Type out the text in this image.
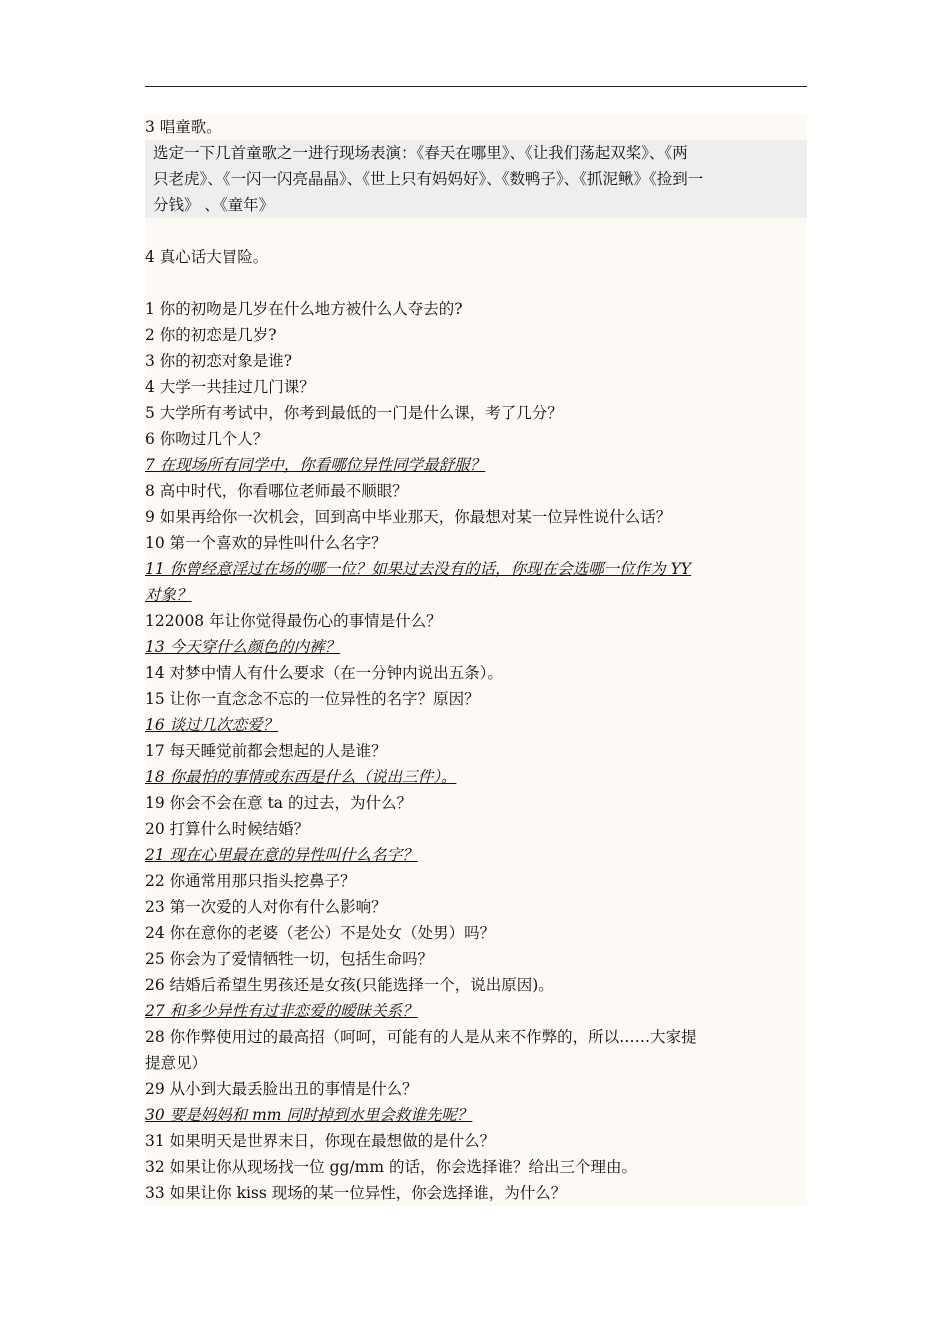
3 唱童歌。
选定一下几首童歌之一进行现场表演：《春天在哪里》、《让我们荡起双桨》、《两
只老虎》、《一闪一闪亮晶晶》、《世上只有妈妈好》、《数鸭子》、《抓泥鳅》《捡到一
分钱》 、《童年》
4 真心话大冒险。
1 你的初吻是几岁在什么地方被什么人夺去的?
2 你的初恋是几岁?
3 你的初恋对象是谁?
4 大学一共挂过几门课？
5 大学所有考试中，你考到最低的一门是什么课，考了几分？
6 你吻过几个人？
7 在现场所有同学中，你看哪位异性同学最舒服？
8 高中时代，你看哪位老师最不顺眼？
9 如果再给你一次机会，回到高中毕业那天，你最想对某一位异性说什么话？
10 第一个喜欢的异性叫什么名字？
11 你曾经意淫过在场的哪一位？如果过去没有的话，你现在会选哪一位作为 YY
对象？
122008 年让你觉得最伤心的事情是什么？
13 今天穿什么颜色的内裤？
14 对梦中情人有什么要求（在一分钟内说出五条）。
15 让你一直念念不忘的一位异性的名字？原因？
16 谈过几次恋爱？
17 每天睡觉前都会想起的人是谁？
18 你最怕的事情或东西是什么（说出三件）。
19 你会不会在意 ta 的过去，为什么？
20 打算什么时候结婚？
21 现在心里最在意的异性叫什么名字？
22 你通常用那只指头挖鼻子？
23 第一次爱的人对你有什么影响？
24 你在意你的老婆（老公）不是处女（处男）吗？
25 你会为了爱情牺牲一切，包括生命吗？
26 结婚后希望生男孩还是女孩(只能选择一个，说出原因)。
27 和多少异性有过非恋爱的暧昧关系？
28 你作弊使用过的最高招（呵呵，可能有的人是从来不作弊的，所以……大家提
提意见）
29 从小到大最丢脸出丑的事情是什么？
30 要是妈妈和 mm 同时掉到水里会救谁先呢？
31 如果明天是世界末日，你现在最想做的是什么？
32 如果让你从现场找一位 gg/mm 的话，你会选择谁？给出三个理由。
33 如果让你 kiss 现场的某一位异性，你会选择谁，为什么？
